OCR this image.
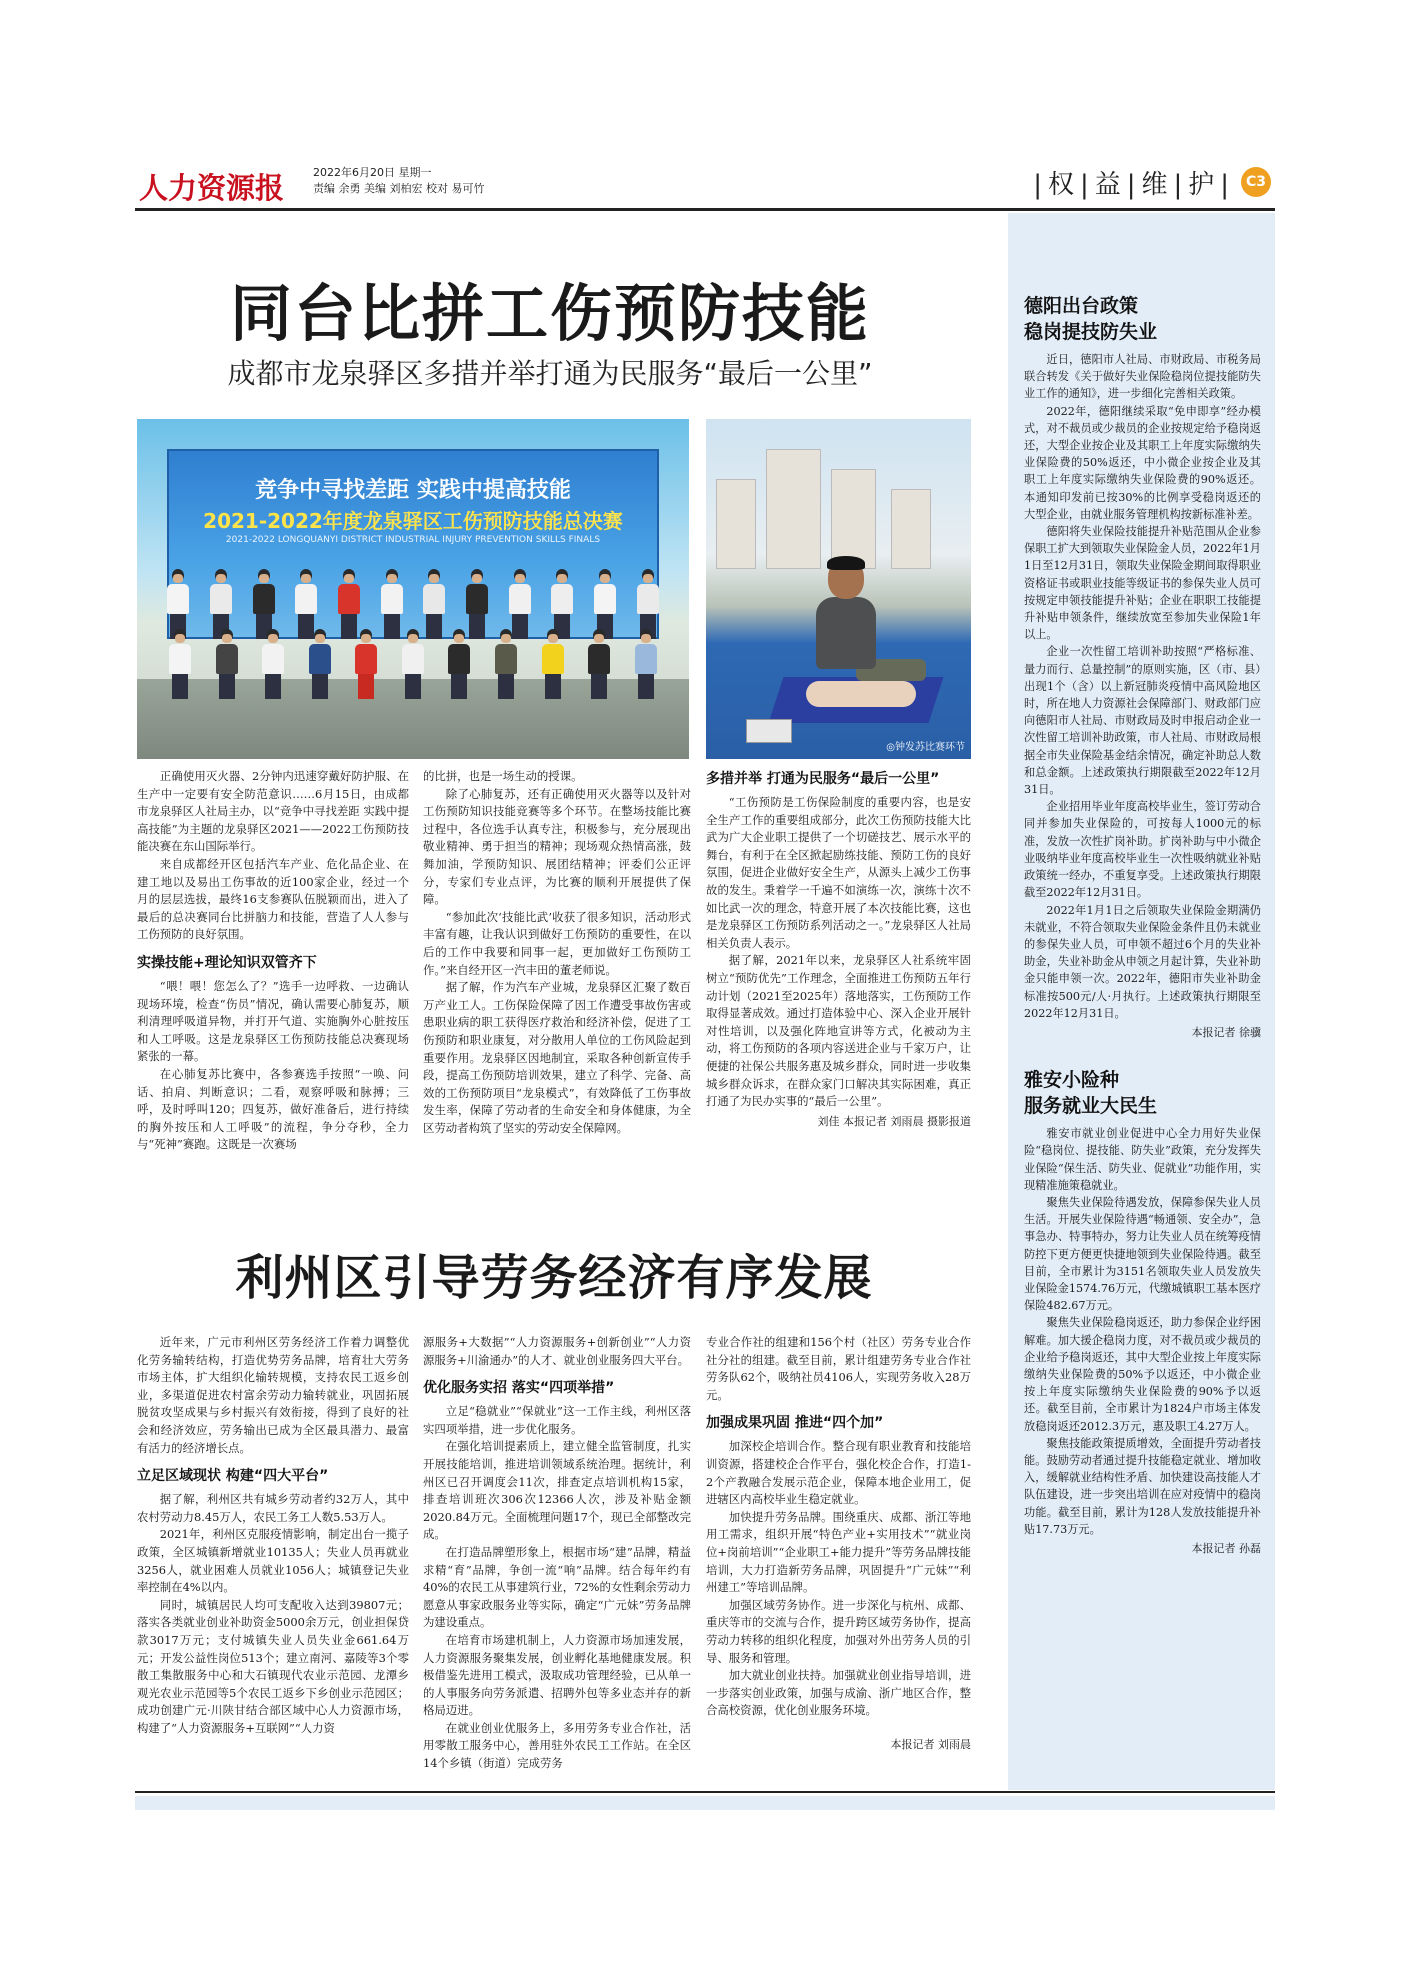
人力资源报	2022年6月20日 星期一
责编 余勇 美编 刘柏宏 校对 易可竹	|权|益|维|护| C3
同台比拼工伤预防技能
成都市龙泉驿区多措并举打通为民服务“最后一公里”
竞争中寻找差距 实践中提高技能
2021-2022年度龙泉驿区工伤预防技能总决赛
2021-2022 LONGQUANYI DISTRICT INDUSTRIAL INJURY PREVENTION SKILLS FINALS
◎钟发苏比赛环节

正确使用灭火器、2分钟内迅速穿戴好防护服、在生产中一定要有安全防范意识……6月15日，由成都市龙泉驿区人社局主办，以“竞争中寻找差距 实践中提高技能”为主题的龙泉驿区2021——2022工伤预防技能决赛在东山国际举行。

来自成都经开区包括汽车产业、危化品企业、在建工地以及易出工伤事故的近100家企业，经过一个月的层层选拔，最终16支参赛队伍脱颖而出，进入了最后的总决赛同台比拼脑力和技能，营造了人人参与工伤预防的良好氛围。

实操技能+理论知识双管齐下

“喂！喂！您怎么了？”选手一边呼救、一边确认现场环境，检查“伤员”情况，确认需要心肺复苏，顺利清理呼吸道异物，并打开气道、实施胸外心脏按压和人工呼吸。这是龙泉驿区工伤预防技能总决赛现场紧张的一幕。

在心肺复苏比赛中，各参赛选手按照“一唤、问话、拍肩、判断意识；二看，观察呼吸和脉搏；三呼，及时呼叫120；四复苏，做好准备后，进行持续的胸外按压和人工呼吸”的流程，争分夺秒，全力与“死神”赛跑。这既是一次赛场

的比拼，也是一场生动的授课。

除了心肺复苏，还有正确使用灭火器等以及针对工伤预防知识技能竞赛等多个环节。在整场技能比赛过程中，各位选手认真专注，积极参与，充分展现出敬业精神、勇于担当的精神；现场观众热情高涨，鼓舞加油，学预防知识、展团结精神；评委们公正评分，专家们专业点评，为比赛的顺利开展提供了保障。

“参加此次‘技能比武’收获了很多知识，活动形式丰富有趣，让我认识到做好工伤预防的重要性，在以后的工作中我要和同事一起，更加做好工伤预防工作。”来自经开区一汽丰田的董老师说。

据了解，作为汽车产业城，龙泉驿区汇聚了数百万产业工人。工伤保险保障了因工作遭受事故伤害或患职业病的职工获得医疗救治和经济补偿，促进了工伤预防和职业康复，对分散用人单位的工伤风险起到重要作用。龙泉驿区因地制宜，采取各种创新宣传手段，提高工伤预防培训效果，建立了科学、完备、高效的工伤预防项目“龙泉模式”，有效降低了工伤事故发生率，保障了劳动者的生命安全和身体健康，为全区劳动者构筑了坚实的劳动安全保障网。

多措并举 打通为民服务“最后一公里”

“工伤预防是工伤保险制度的重要内容，也是安全生产工作的重要组成部分，此次工伤预防技能大比武为广大企业职工提供了一个切磋技艺、展示水平的舞台，有利于在全区掀起励练技能、预防工伤的良好氛围，促进企业做好安全生产，从源头上减少工伤事故的发生。秉着学一千遍不如演练一次，演练十次不如比武一次的理念，特意开展了本次技能比赛，这也是龙泉驿区工伤预防系列活动之一。”龙泉驿区人社局相关负责人表示。

据了解，2021年以来，龙泉驿区人社系统牢固树立“预防优先”工作理念，全面推进工伤预防五年行动计划（2021至2025年）落地落实，工伤预防工作取得显著成效。通过打造体验中心、深入企业开展针对性培训，以及强化阵地宣讲等方式，化被动为主动，将工伤预防的各项内容送进企业与千家万户，让便捷的社保公共服务惠及城乡群众，同时进一步收集城乡群众诉求，在群众家门口解决其实际困难，真正打通了为民办实事的“最后一公里”。

刘佳 本报记者 刘雨晨 摄影报道
利州区引导劳务经济有序发展

近年来，广元市利州区劳务经济工作着力调整优化劳务输转结构，打造优势劳务品牌，培育壮大劳务市场主体，扩大组织化输转规模，支持农民工返乡创业，多渠道促进农村富余劳动力输转就业，巩固拓展脱贫攻坚成果与乡村振兴有效衔接，得到了良好的社会和经济效应，劳务输出已成为全区最具潜力、最富有活力的经济增长点。

立足区域现状 构建“四大平台”

据了解，利州区共有城乡劳动者约32万人，其中农村劳动力8.45万人，农民工务工人数5.53万人。

2021年，利州区克服疫情影响，制定出台一揽子政策，全区城镇新增就业10135人；失业人员再就业3256人，就业困难人员就业1056人；城镇登记失业率控制在4%以内。

同时，城镇居民人均可支配收入达到39807元；落实各类就业创业补助资金5000余万元，创业担保贷款3017万元；支付城镇失业人员失业金661.64万元；开发公益性岗位513个；建立南河、嘉陵等3个零散工集散服务中心和大石镇现代农业示范园、龙潭乡观光农业示范园等5个农民工返乡下乡创业示范园区；成功创建广元·川陕甘结合部区域中心人力资源市场，构建了“人力资源服务+互联网”“人力资

源服务+大数据”“人力资源服务+创新创业”“人力资源服务+川渝通办”的人才、就业创业服务四大平台。

优化服务实招 落实“四项举措”

立足“稳就业”“保就业”这一工作主线，利州区落实四项举措，进一步优化服务。

在强化培训提素质上，建立健全监管制度，扎实开展技能培训，推进培训领域系统治理。据统计，利州区已召开调度会11次，排查定点培训机构15家，排查培训班次306次12366人次，涉及补贴金额2020.84万元。全面梳理问题17个，现已全部整改完成。

在打造品牌塑形象上，根据市场“建”品牌，精益求精“育”品牌，争创一流“响”品牌。结合每年约有40%的农民工从事建筑行业，72%的女性剩余劳动力愿意从事家政服务业等实际，确定“广元妹”劳务品牌为建设重点。

在培育市场建机制上，人力资源市场加速发展，人力资源服务聚集发展，创业孵化基地健康发展。积极借鉴先进用工模式，汲取成功管理经验，已从单一的人事服务向劳务派遣、招聘外包等多业态并存的新格局迈进。

在就业创业优服务上，多用劳务专业合作社，活用零散工服务中心，善用驻外农民工工作站。在全区14个乡镇（街道）完成劳务

专业合作社的组建和156个村（社区）劳务专业合作社分社的组建。截至目前，累计组建劳务专业合作社劳务队62个，吸纳社员4106人，实现劳务收入28万元。

加强成果巩固 推进“四个加”

加深校企培训合作。整合现有职业教育和技能培训资源，搭建校企合作平台，强化校企合作，打造1-2个产教融合发展示范企业，保障本地企业用工，促进辖区内高校毕业生稳定就业。

加快提升劳务品牌。围绕重庆、成都、浙江等地用工需求，组织开展“特色产业+实用技术”“就业岗位+岗前培训”“企业职工+能力提升”等劳务品牌技能培训，大力打造新劳务品牌，巩固提升“广元妹”“利州建工”等培训品牌。

加强区域劳务协作。进一步深化与杭州、成都、重庆等市的交流与合作，提升跨区域劳务协作，提高劳动力转移的组织化程度，加强对外出劳务人员的引导、服务和管理。

加大就业创业扶持。加强就业创业指导培训，进一步落实创业政策，加强与成渝、浙广地区合作，整合高校资源，优化创业服务环境。

本报记者 刘雨晨
德阳出台政策
稳岗提技防失业

近日，德阳市人社局、市财政局、市税务局联合转发《关于做好失业保险稳岗位提技能防失业工作的通知》，进一步细化完善相关政策。

2022年，德阳继续采取“免申即享”经办模式，对不裁员或少裁员的企业按规定给予稳岗返还，大型企业按企业及其职工上年度实际缴纳失业保险费的50%返还，中小微企业按企业及其职工上年度实际缴纳失业保险费的90%返还。本通知印发前已按30%的比例享受稳岗返还的大型企业，由就业服务管理机构按新标准补差。

德阳将失业保险技能提升补贴范围从企业参保职工扩大到领取失业保险金人员，2022年1月1日至12月31日，领取失业保险金期间取得职业资格证书或职业技能等级证书的参保失业人员可按规定申领技能提升补贴；企业在职职工技能提升补贴申领条件，继续放宽至参加失业保险1年以上。

企业一次性留工培训补助按照“严格标准、量力而行、总量控制”的原则实施，区（市、县）出现1个（含）以上新冠肺炎疫情中高风险地区时，所在地人力资源社会保障部门、财政部门应向德阳市人社局、市财政局及时申报启动企业一次性留工培训补助政策，市人社局、市财政局根据全市失业保险基金结余情况，确定补助总人数和总金额。上述政策执行期限截至2022年12月31日。

企业招用毕业年度高校毕业生，签订劳动合同并参加失业保险的，可按每人1000元的标准，发放一次性扩岗补助。扩岗补助与中小微企业吸纳毕业年度高校毕业生一次性吸纳就业补贴政策统一经办，不重复享受。上述政策执行期限截至2022年12月31日。

2022年1月1日之后领取失业保险金期满仍未就业，不符合领取失业保险金条件且仍未就业的参保失业人员，可申领不超过6个月的失业补助金，失业补助金从申领之月起计算，失业补助金只能申领一次。2022年，德阳市失业补助金标准按500元/人·月执行。上述政策执行期限至2022年12月31日。

本报记者 徐骥
雅安小险种
服务就业大民生

雅安市就业创业促进中心全力用好失业保险“稳岗位、提技能、防失业”政策，充分发挥失业保险“保生活、防失业、促就业”功能作用，实现精准施策稳就业。

聚焦失业保险待遇发放，保障参保失业人员生活。开展失业保险待遇“畅通领、安全办”，急事急办、特事特办，努力让失业人员在统筹疫情防控下更方便更快捷地领到失业保险待遇。截至目前，全市累计为3151名领取失业人员发放失业保险金1574.76万元，代缴城镇职工基本医疗保险482.67万元。

聚焦失业保险稳岗返还，助力参保企业纾困解难。加大援企稳岗力度，对不裁员或少裁员的企业给予稳岗返还，其中大型企业按上年度实际缴纳失业保险费的50%予以返还，中小微企业按上年度实际缴纳失业保险费的90%予以返还。截至目前，全市累计为1824户市场主体发放稳岗返还2012.3万元，惠及职工4.27万人。

聚焦技能政策提质增效，全面提升劳动者技能。鼓励劳动者通过提升技能稳定就业、增加收入，缓解就业结构性矛盾、加快建设高技能人才队伍建设，进一步突出培训在应对疫情中的稳岗功能。截至目前，累计为128人发放技能提升补贴17.73万元。

本报记者 孙磊
